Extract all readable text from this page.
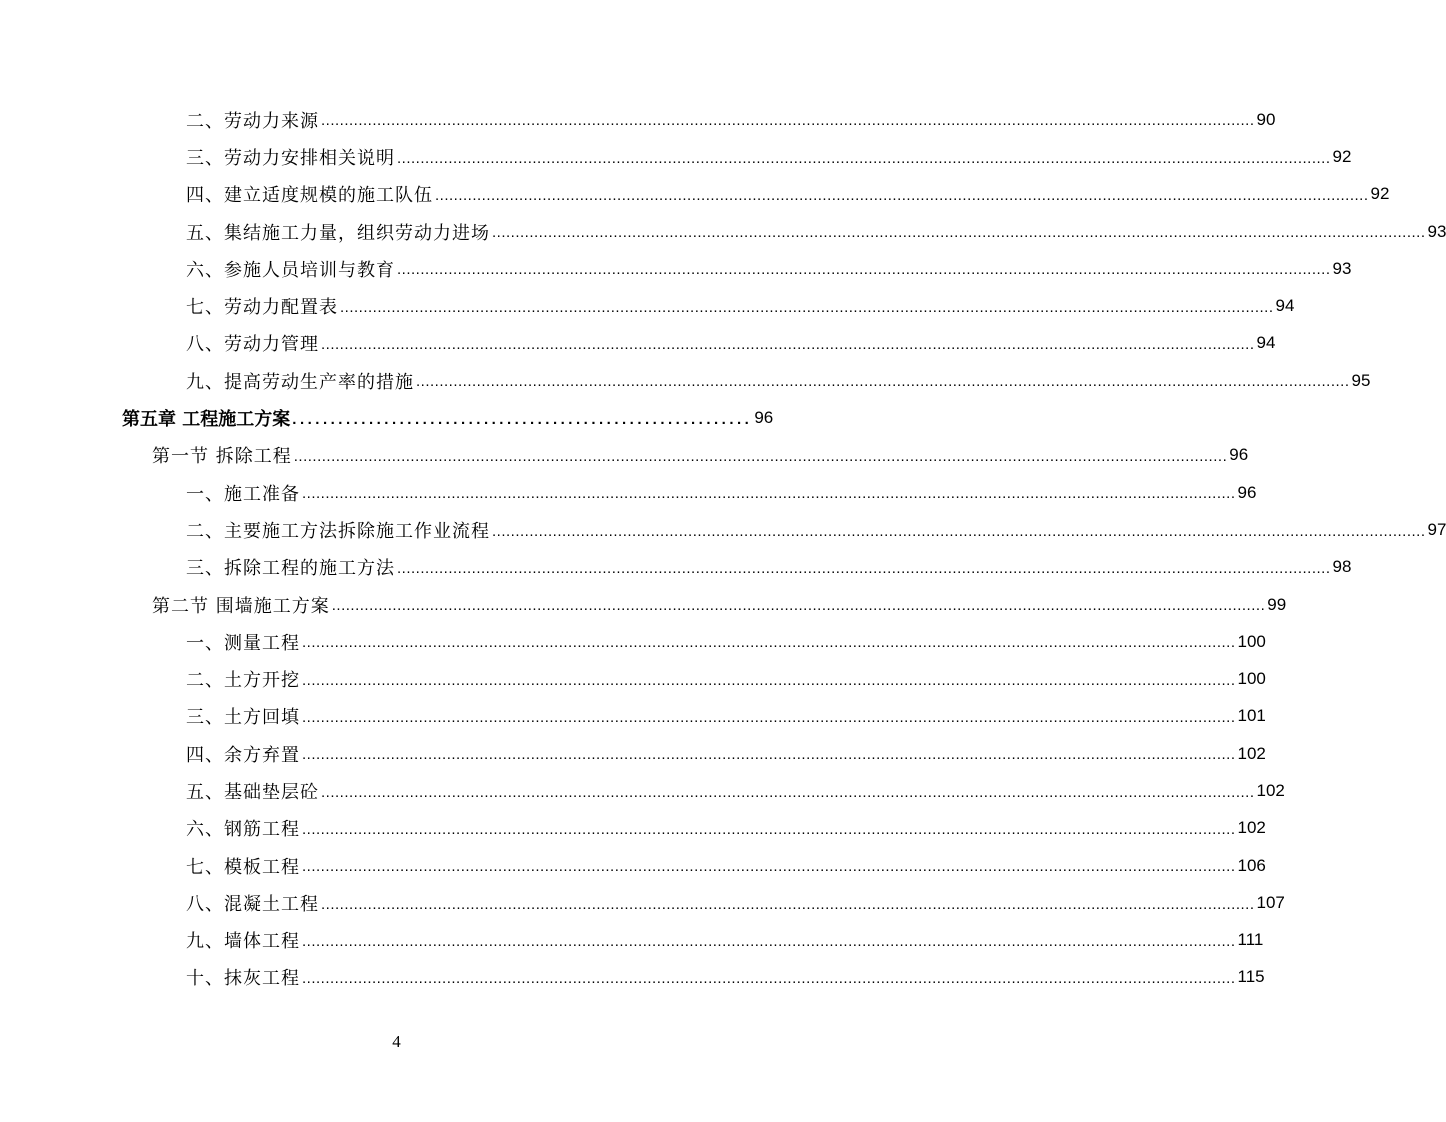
二、劳动力来源 ........................................................................................................................................................................................................ 90
三、劳动力安排相关说明 ........................................................................................................................................................................................................ 92
四、建立适度规模的施工队伍 ........................................................................................................................................................................................................ 92
五、集结施工力量，组织劳动力进场 ........................................................................................................................................................................................................ 93
六、参施人员培训与教育 ........................................................................................................................................................................................................ 93
七、劳动力配置表 ........................................................................................................................................................................................................ 94
八、劳动力管理 ........................................................................................................................................................................................................ 94
九、提高劳动生产率的措施 ........................................................................................................................................................................................................ 95
第五章 工程施工方案 ............................................................ 96
第一节 拆除工程 ........................................................................................................................................................................................................ 96
一、施工准备 ........................................................................................................................................................................................................ 96
二、主要施工方法拆除施工作业流程 ........................................................................................................................................................................................................ 97
三、拆除工程的施工方法 ........................................................................................................................................................................................................ 98
第二节 围墙施工方案 ........................................................................................................................................................................................................ 99
一、测量工程 ........................................................................................................................................................................................................ 100
二、土方开挖 ........................................................................................................................................................................................................ 100
三、土方回填 ........................................................................................................................................................................................................ 101
四、余方弃置 ........................................................................................................................................................................................................ 102
五、基础垫层砼 ........................................................................................................................................................................................................ 102
六、钢筋工程 ........................................................................................................................................................................................................ 102
七、模板工程 ........................................................................................................................................................................................................ 106
八、混凝土工程 ........................................................................................................................................................................................................ 107
九、墙体工程 ........................................................................................................................................................................................................ 111
十、抹灰工程 ........................................................................................................................................................................................................ 115
4
